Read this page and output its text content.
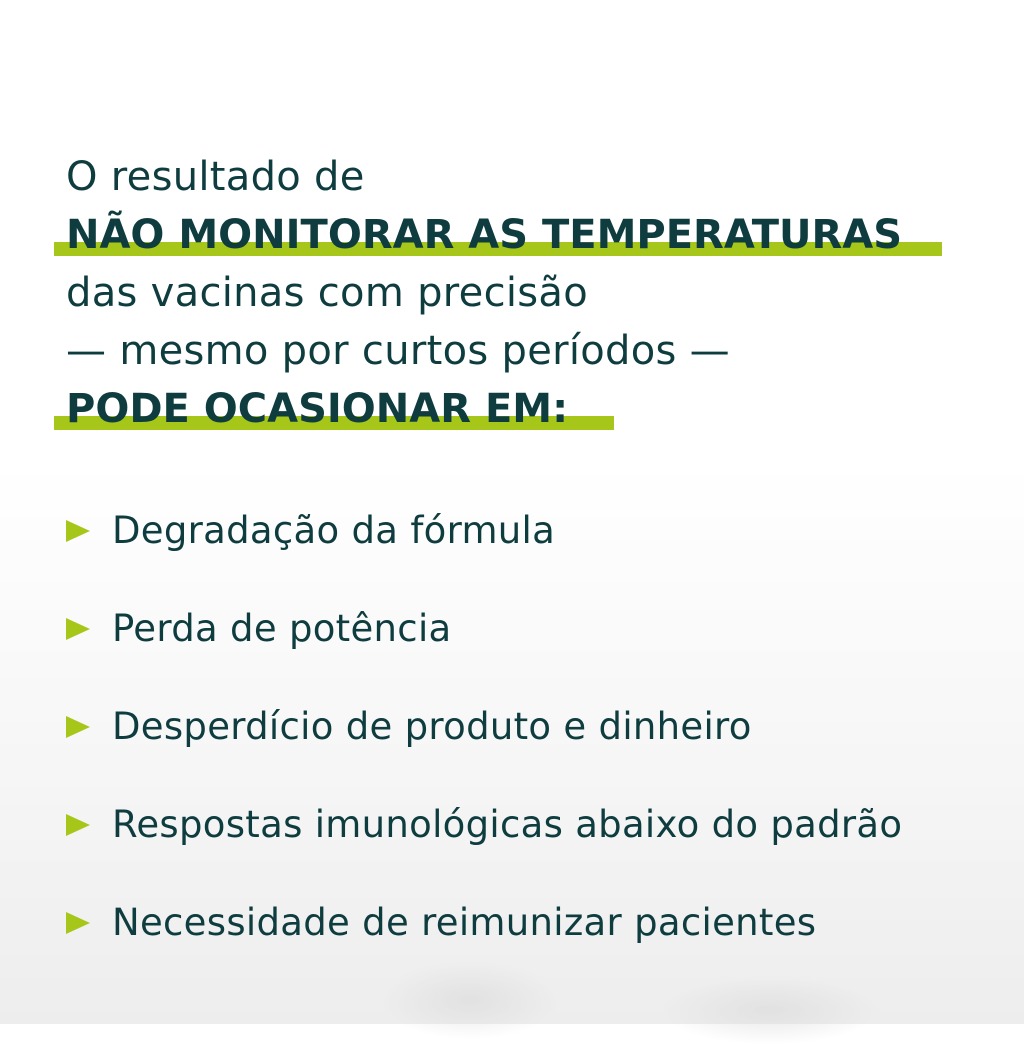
O resultado de
NÃO MONITORAR AS TEMPERATURAS
das vacinas com precisão
— mesmo por curtos períodos —
PODE OCASIONAR EM:
Degradação da fórmula
Perda de potência
Desperdício de produto e dinheiro
Respostas imunológicas abaixo do padrão
Necessidade de reimunizar pacientes
